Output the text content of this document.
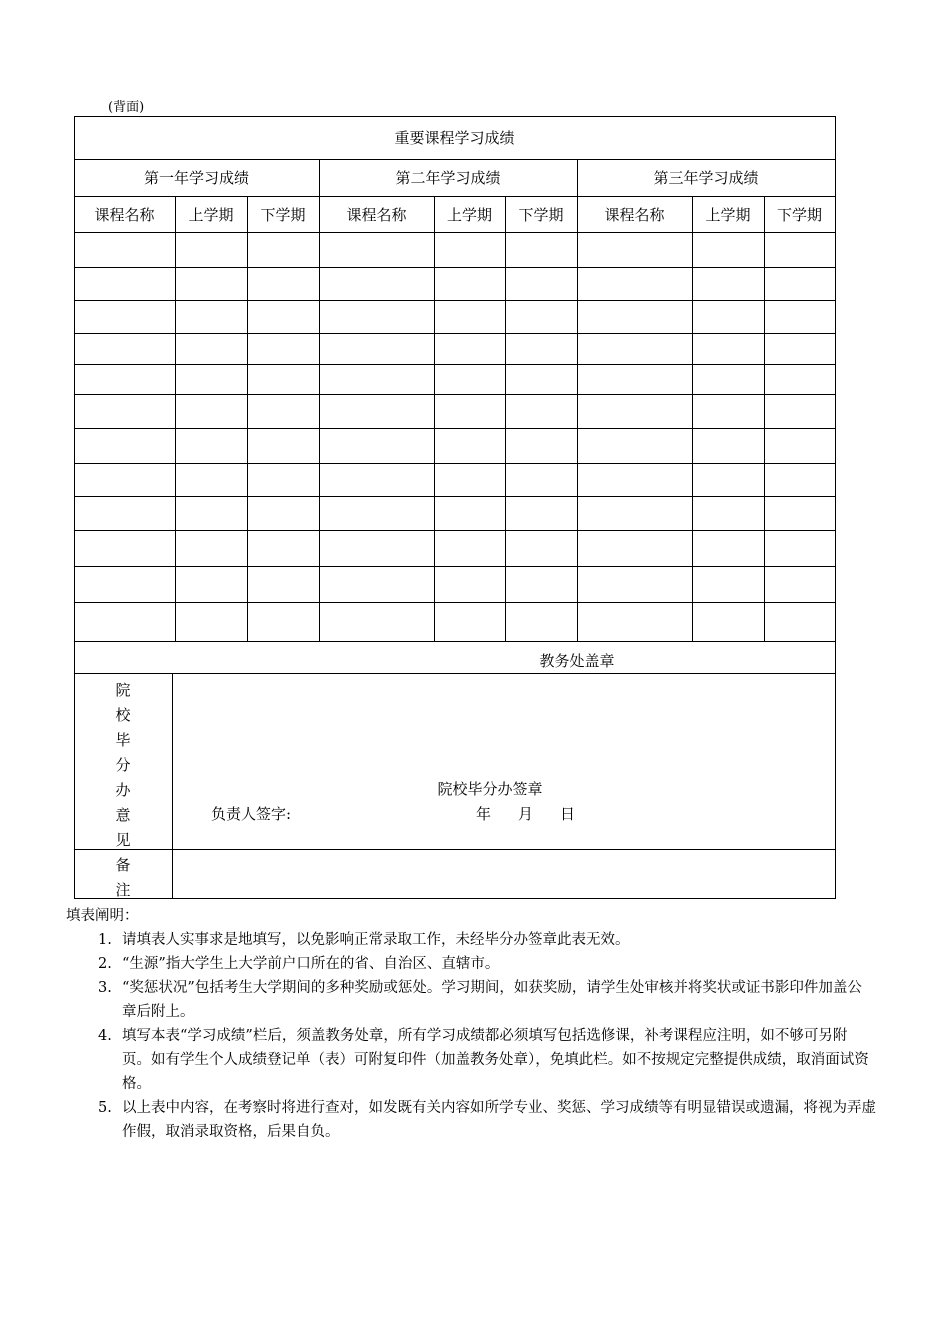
(背面)
重要课程学习成绩
第一年学习成绩	第二年学习成绩	第三年学习成绩
课程名称	上学期	下学期	课程名称	上学期	下学期	课程名称	上学期	下学期
教务处盖章
院
校
毕
分
办
意
见
院校毕分办签章
负责人签字:	年 月 日
备
注

填表阐明：

1. 请填表人实事求是地填写，以免影响正常录取工作，未经毕分办签章此表无效。
2. “生源”指大学生上大学前户口所在的省、自治区、直辖市。
3. “奖惩状况”包括考生大学期间的多种奖励或惩处。学习期间，如获奖励，请学生处审核并将奖状或证书影印件加盖公章后附上。
4. 填写本表“学习成绩”栏后，须盖教务处章，所有学习成绩都必须填写包括选修课，补考课程应注明，如不够可另附页。如有学生个人成绩登记单（表）可附复印件（加盖教务处章），免填此栏。如不按规定完整提供成绩，取消面试资格。
5. 以上表中内容，在考察时将进行查对，如发既有关内容如所学专业、奖惩、学习成绩等有明显错误或遗漏，将视为弄虚作假，取消录取资格，后果自负。
